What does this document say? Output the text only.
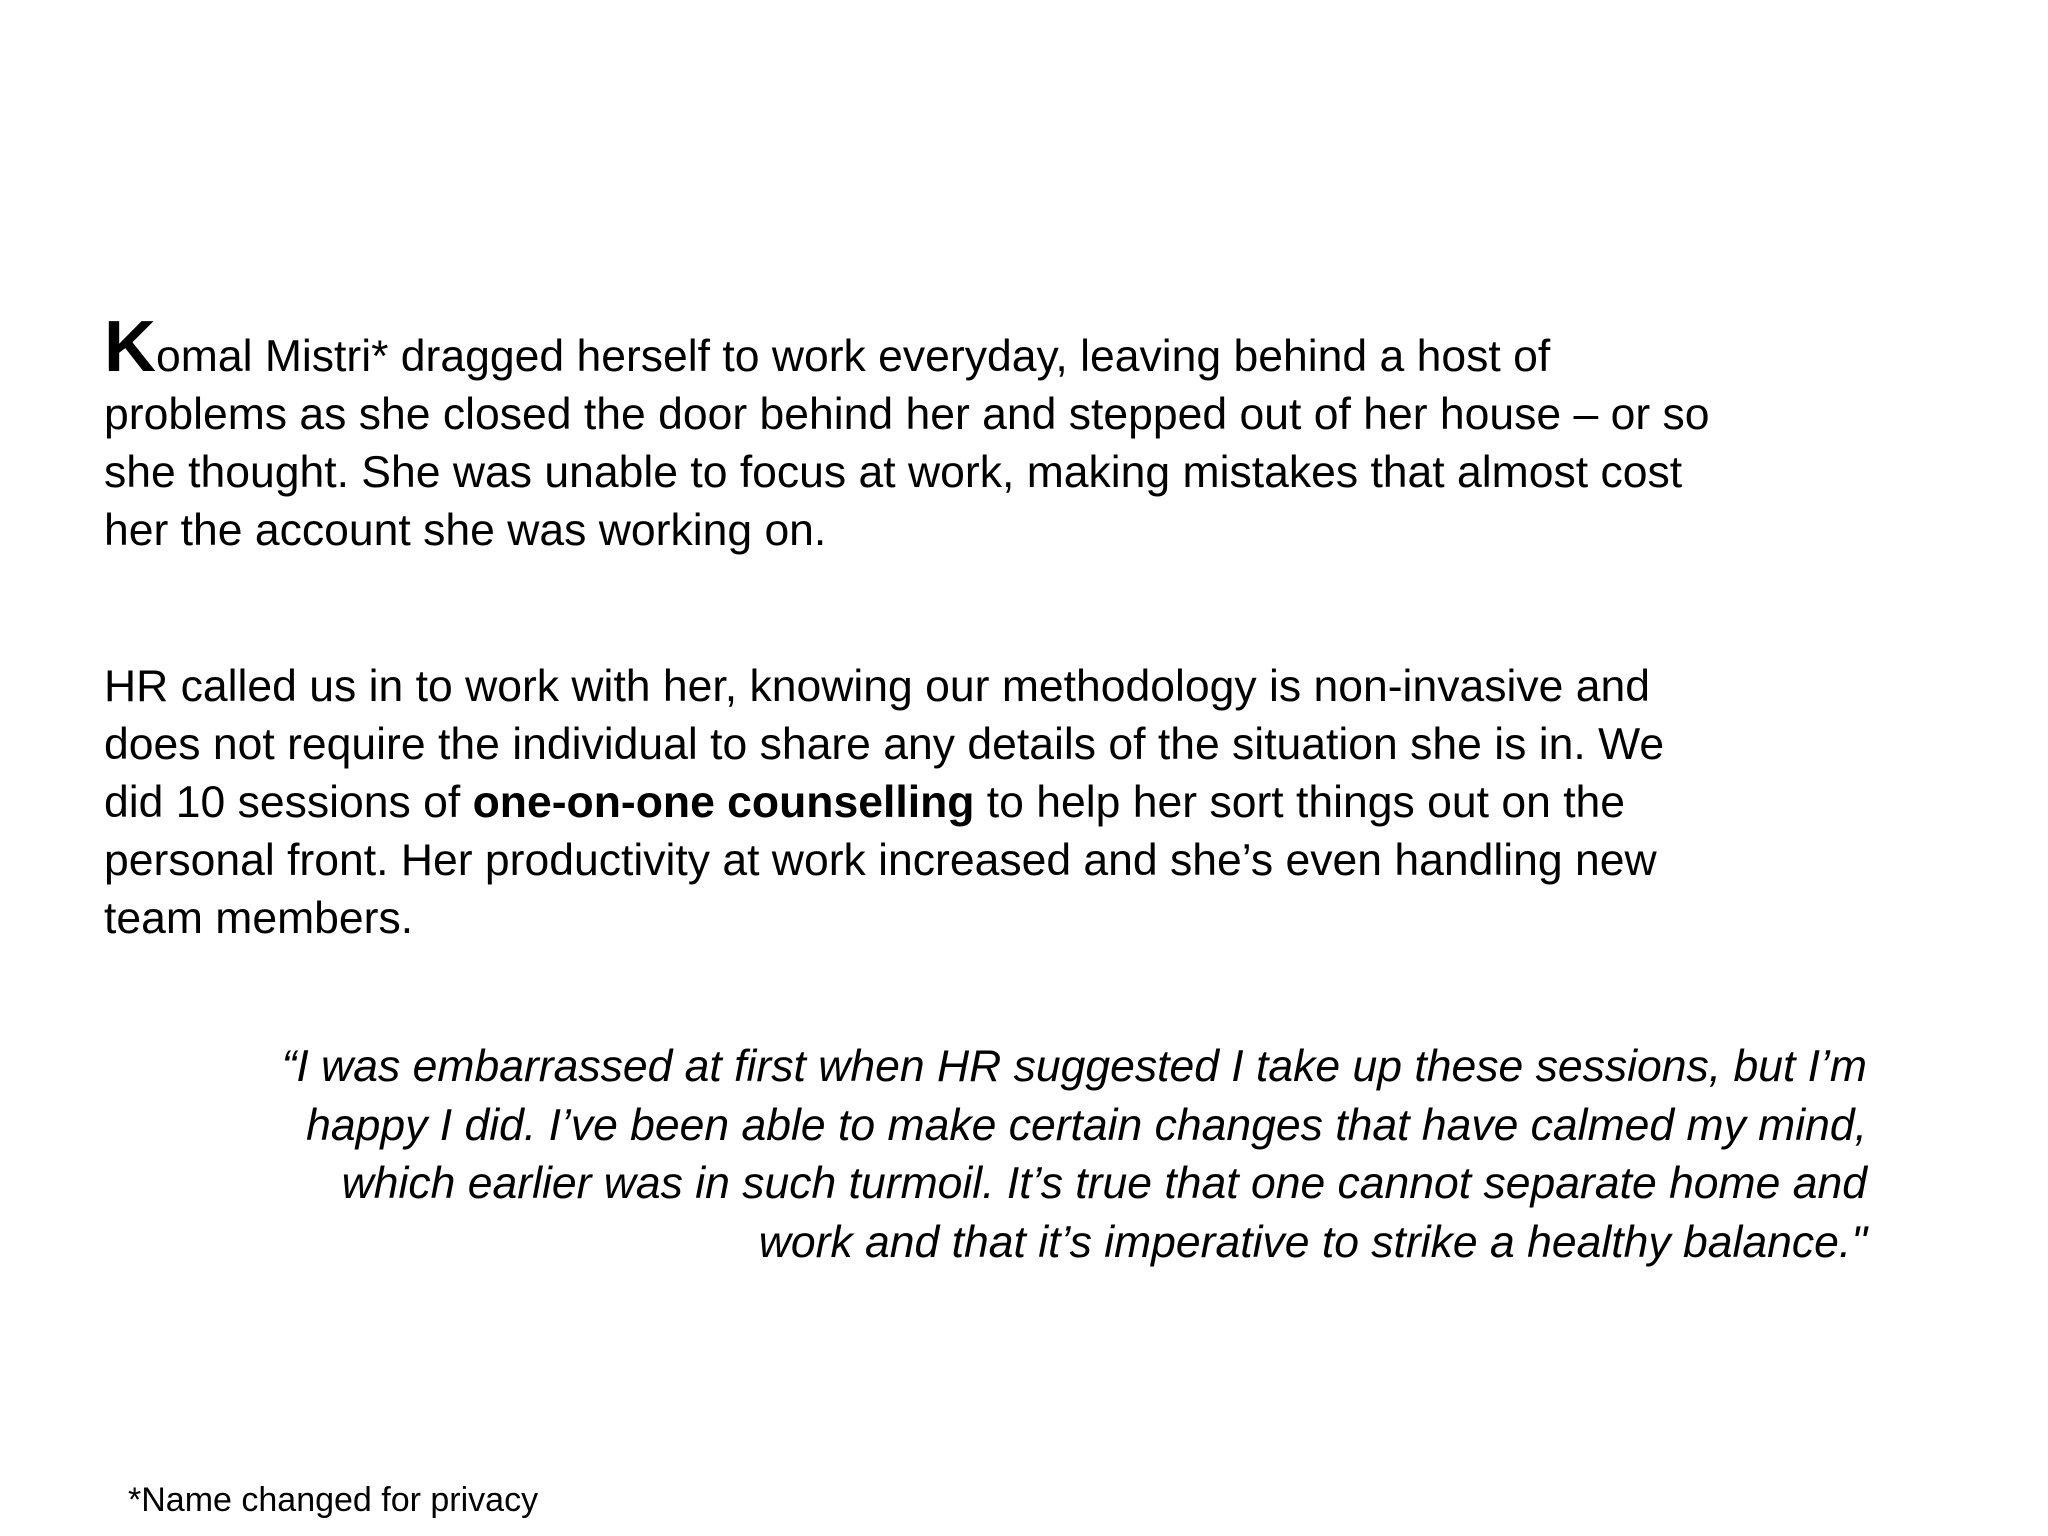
Komal Mistri* dragged herself to work everyday, leaving behind a host of
problems as she closed the door behind her and stepped out of her house – or so
she thought. She was unable to focus at work, making mistakes that almost cost
her the account she was working on.
HR called us in to work with her, knowing our methodology is non-invasive and
does not require the individual to share any details of the situation she is in. We
did 10 sessions of one-on-one counselling to help her sort things out on the
personal front. Her productivity at work increased and she’s even handling new
team members.
“I was embarrassed at first when HR suggested I take up these sessions, but I’m
happy I did. I’ve been able to make certain changes that have calmed my mind,
which earlier was in such turmoil. It’s true that one cannot separate home and
work and that it’s imperative to strike a healthy balance."

*Name changed for privacy
